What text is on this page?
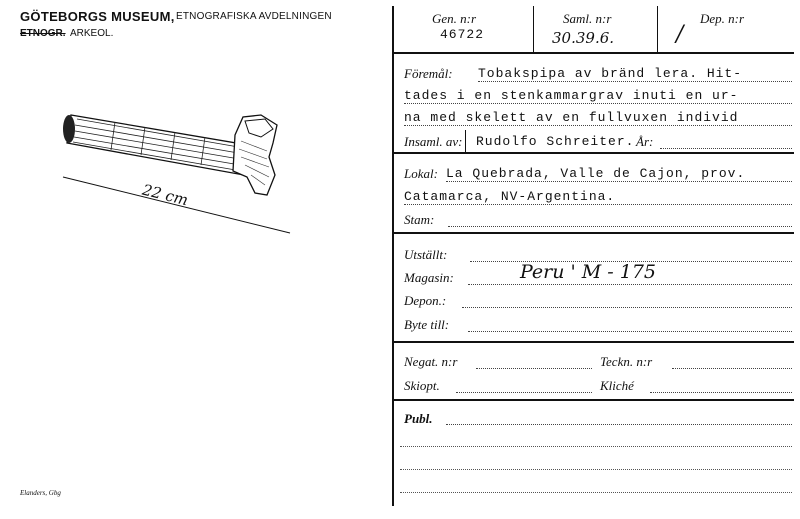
GÖTEBORGS MUSEUM, ETNOGRAFISKA AVDELNINGEN
ETNOGR. ARKEOL.
Elanders, Gbg
22 cm
Gen. n:r
46722
Saml. n:r
30.39.6.
Dep. n:r
/
Föremål: Tobakspipa av bränd lera. Hit-
tades i en stenkammargrav inuti en ur-
na med skelett av en fullvuxen individ
Insaml. av: Rudolfo Schreiter. År:
Lokal: La Quebrada, Valle de Cajon, prov.
Catamarca, NV-Argentina.
Stam:
Utställt:
Magasin:	Peru ' M - 175
Depon.:
Byte till:
Negat. n:r	Teckn. n:r
Skiopt.	Kliché
Publ.
